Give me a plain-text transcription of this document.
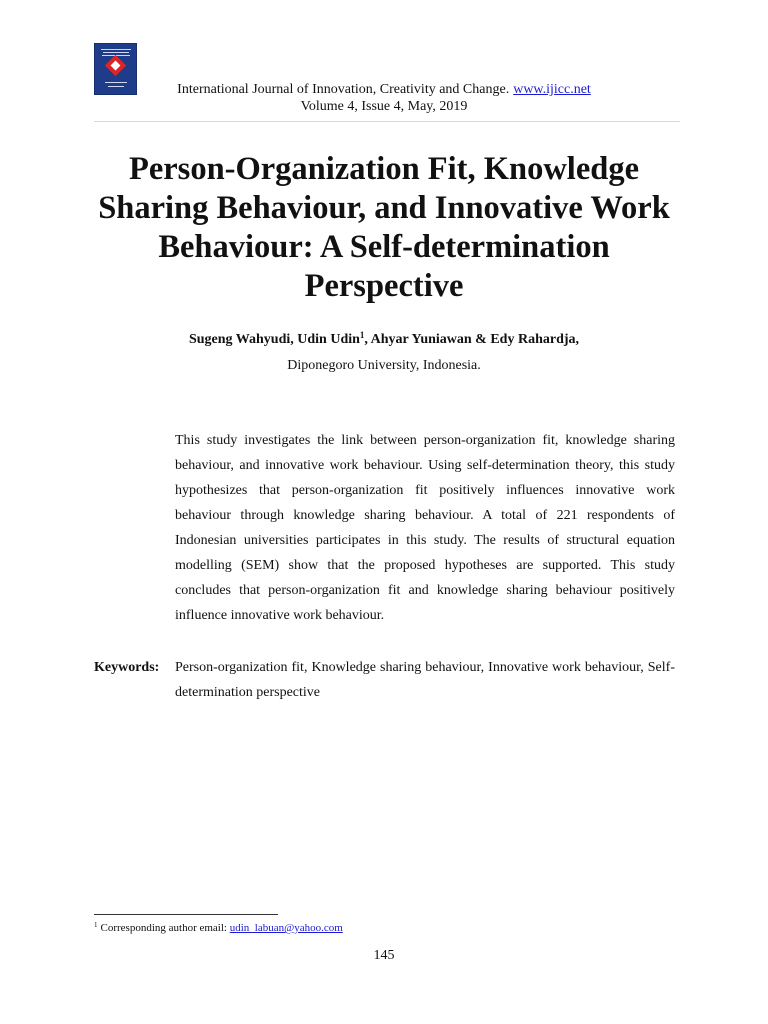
International Journal of Innovation, Creativity and Change. www.ijicc.net
Volume 4, Issue 4, May, 2019
Person-Organization Fit, Knowledge Sharing Behaviour, and Innovative Work Behaviour: A Self-determination Perspective
Sugeng Wahyudi, Udin Udin$^1$, Ahyar Yuniawan & Edy Rahardja,
Diponegoro University, Indonesia.

This study investigates the link between person-organization fit, knowledge sharing behaviour, and innovative work behaviour. Using self-determination theory, this study hypothesizes that person-organization fit positively influences innovative work behaviour through knowledge sharing behaviour. A total of 221 respondents of Indonesian universities participates in this study. The results of structural equation modelling (SEM) show that the proposed hypotheses are supported. This study concludes that person-organization fit and knowledge sharing behaviour positively influence innovative work behaviour.

Keywords: Person-organization fit, Knowledge sharing behaviour, Innovative work behaviour, Self-determination perspective

$^1$ Corresponding author email: udin_labuan@yahoo.com
145
